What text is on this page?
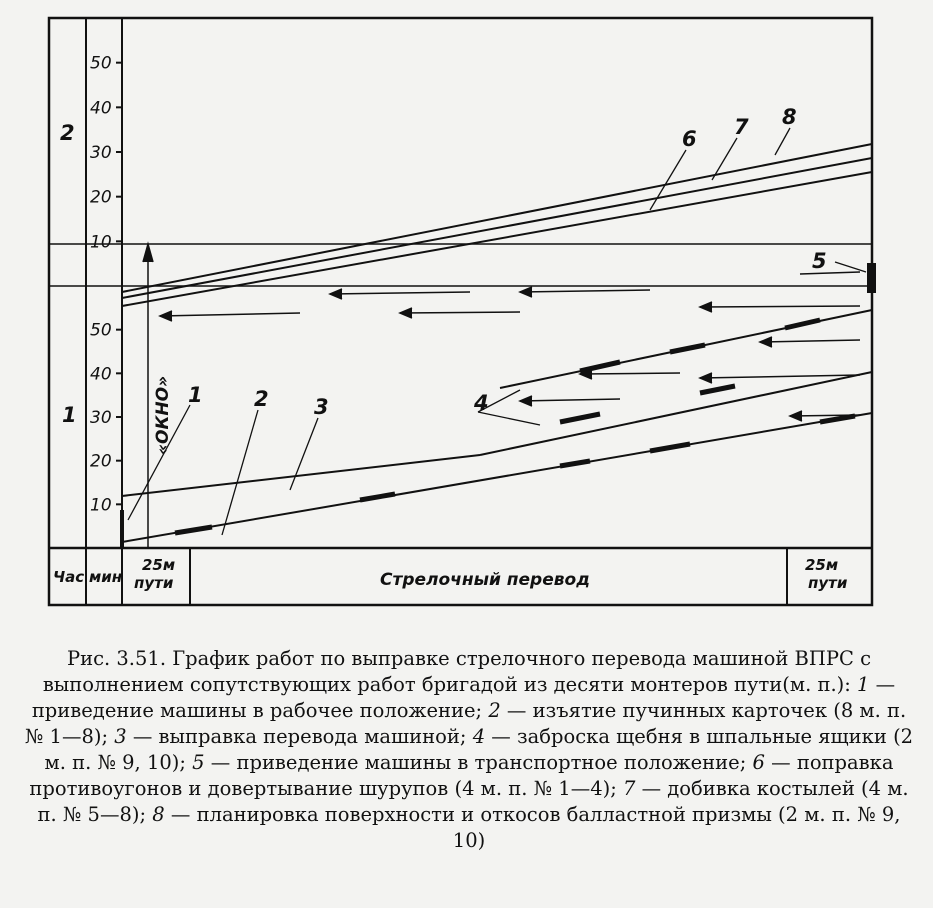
Час мин
1
2
10
20
30
40
50
10
20
30
40
50
«ОКНО»
25м пути	Стрелочный перевод
25м пути
1 2 3	4
5
6 7 8

Рис. 3.51. График работ по выправке стрелочного перевода машиной ВПРС с выполнением сопутствующих работ бригадой из десяти монтеров пути(м. п.): 1 — приведение машины в рабочее положение; 2 — изъятие пучинных карточек (8 м. п. № 1—8); 3 — выправка перевода машиной; 4 — заброска щебня в шпальные ящики (2 м. п. № 9, 10); 5 — приведение машины в транспортное положение; 6 — поправка противоугонов и довертывание шурупов (4 м. п. № 1—4); 7 — добивка костылей (4 м. п. № 5—8); 8 — планировка поверхности и откосов балластной призмы (2 м. п. № 9, 10)
